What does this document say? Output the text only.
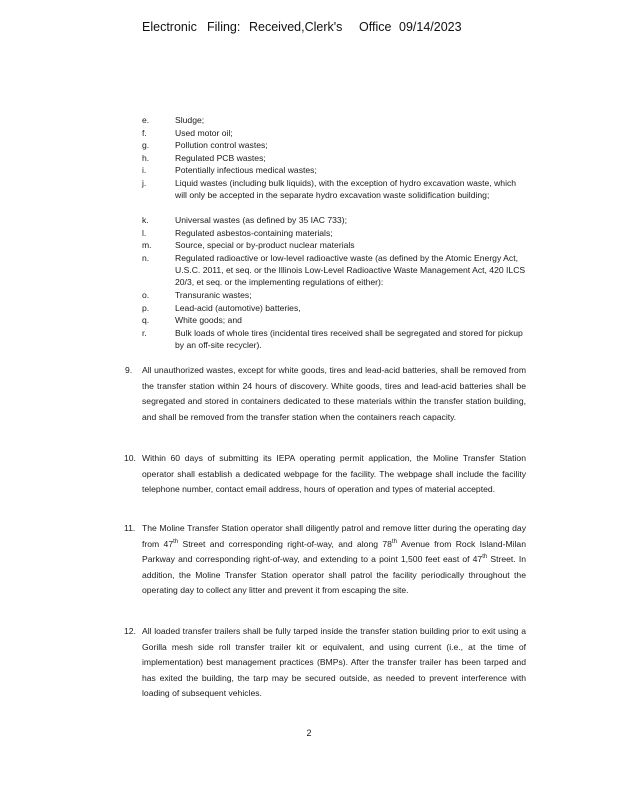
Electronic Filing: Received,Clerk's Office 09/14/2023
e.	Sludge;
f.	Used motor oil;
g.	Pollution control wastes;
h.	Regulated PCB wastes;
i.	Potentially infectious medical wastes;
j.	Liquid wastes (including bulk liquids), with the exception of hydro excavation waste, which will only be accepted in the separate hydro excavation waste solidification building;
k.	Universal wastes (as defined by 35 IAC 733);
l.	Regulated asbestos-containing materials;
m.	Source, special or by-product nuclear materials
n.	Regulated radioactive or low-level radioactive waste (as defined by the Atomic Energy Act, U.S.C. 2011, et seq. or the Illinois Low-Level Radioactive Waste Management Act, 420 ILCS 20/3, et seq. or the implementing regulations of either):
o.	Transuranic wastes;
p.	Lead-acid (automotive) batteries,
q.	White goods; and
r.	Bulk loads of whole tires (incidental tires received shall be segregated and stored for pickup by an off-site recycler).
9.	All unauthorized wastes, except for white goods, tires and lead-acid batteries, shall be removed from the transfer station within 24 hours of discovery. White goods, tires and lead-acid batteries shall be segregated and stored in containers dedicated to these materials within the transfer station building, and shall be removed from the transfer station when the containers reach capacity.
10. Within 60 days of submitting its IEPA operating permit application, the Moline Transfer Station operator shall establish a dedicated webpage for the facility. The webpage shall include the facility telephone number, contact email address, hours of operation and types of material accepted.
11. The Moline Transfer Station operator shall diligently patrol and remove litter during the operating day from 47th Street and corresponding right-of-way, and along 78th Avenue from Rock Island-Milan Parkway and corresponding right-of-way, and extending to a point 1,500 feet east of 47th Street. In addition, the Moline Transfer Station operator shall patrol the facility periodically throughout the operating day to collect any litter and prevent it from escaping the site.
12. All loaded transfer trailers shall be fully tarped inside the transfer station building prior to exit using a Gorilla mesh side roll transfer trailer kit or equivalent, and using current (i.e., at the time of implementation) best management practices (BMPs). After the transfer trailer has been tarped and has exited the building, the tarp may be secured outside, as needed to prevent interference with loading of subsequent vehicles.
2
